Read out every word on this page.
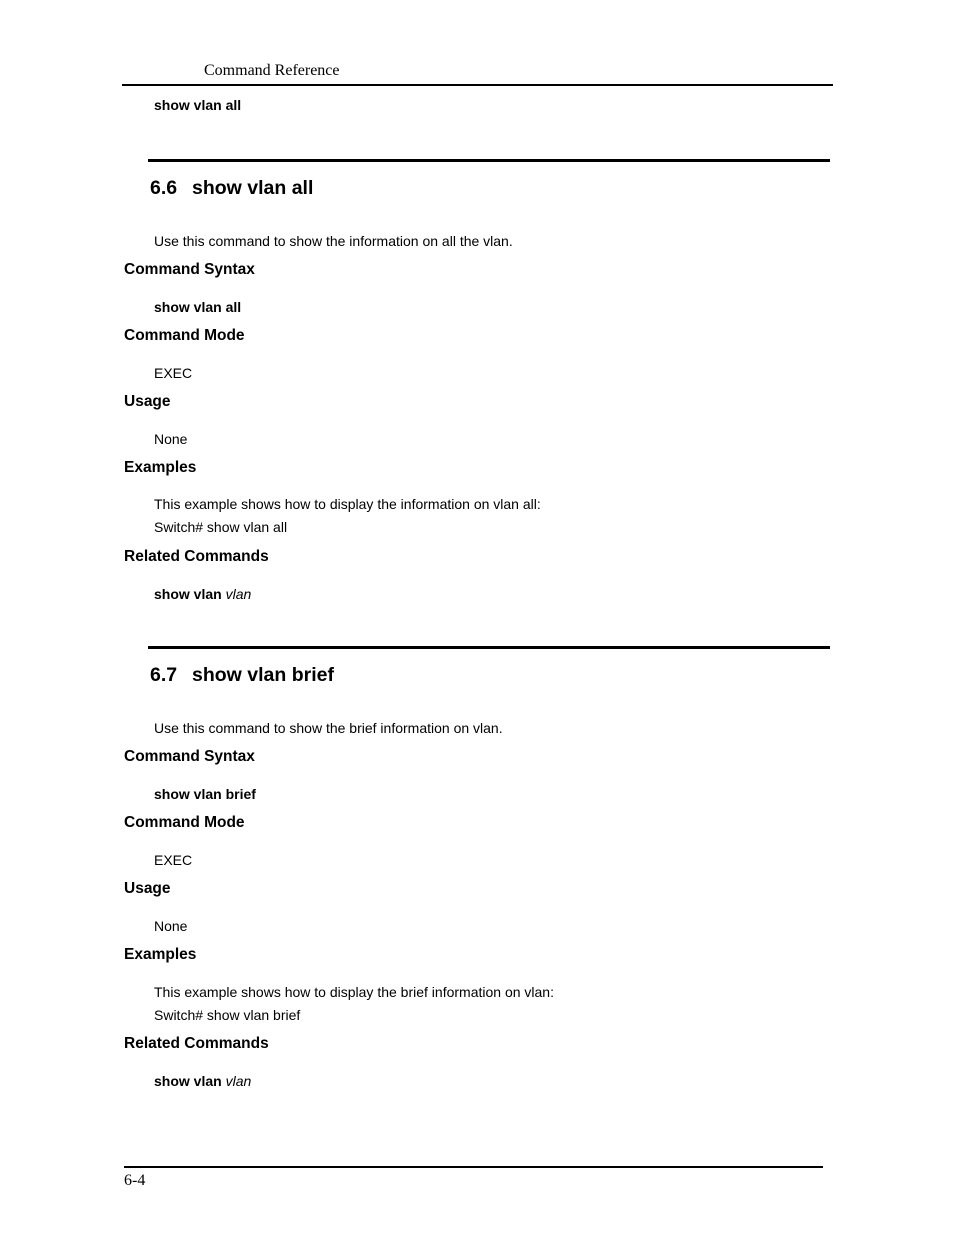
Command Reference
show vlan all
6.6 show vlan all
Use this command to show the information on all the vlan.
Command Syntax
show vlan all
Command Mode
EXEC
Usage
None
Examples
This example shows how to display the information on vlan all:
Switch# show vlan all
Related Commands
show vlan vlan
6.7 show vlan brief
Use this command to show the brief information on vlan.
Command Syntax
show vlan brief
Command Mode
EXEC
Usage
None
Examples
This example shows how to display the brief information on vlan:
Switch# show vlan brief
Related Commands
show vlan vlan
6-4
